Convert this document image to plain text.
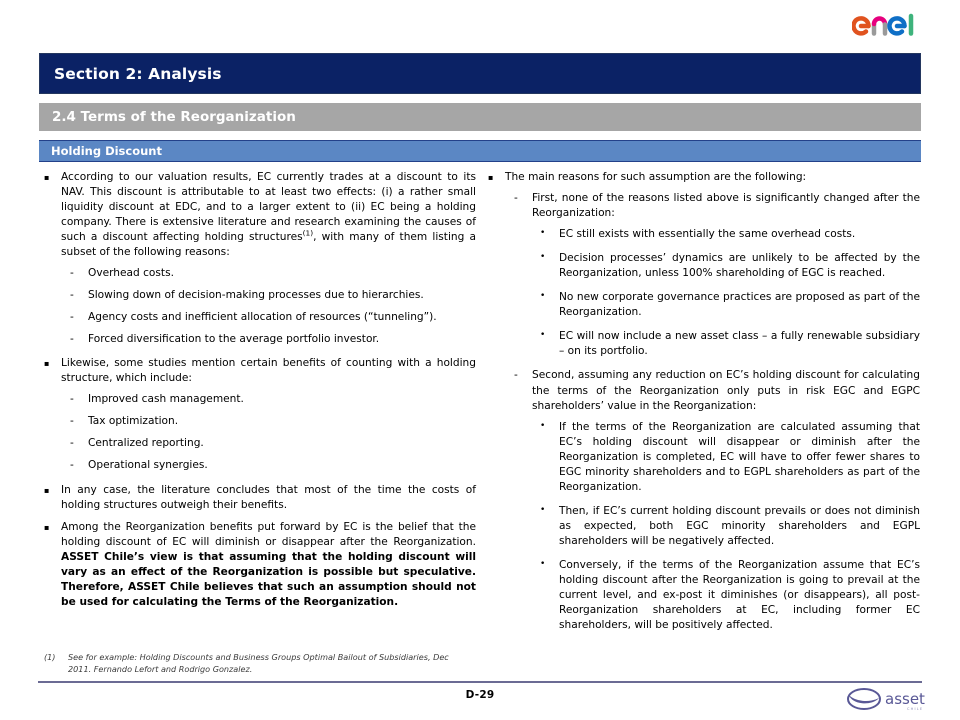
Section 2: Analysis
2.4 Terms of the Reorganization
Holding Discount
▪	According to our valuation results, EC currently trades at a discount to its NAV. This discount is attributable to at least two effects: (i) a rather small liquidity discount at EDC, and to a larger extent to (ii) EC being a holding company. There is extensive literature and research examining the causes of such a discount affecting holding structures$^{(1)}$, with many of them listing a subset of the following reasons:
-	Overhead costs.
-	Slowing down of decision-making processes due to hierarchies.
-	Agency costs and inefficient allocation of resources (“tunneling”).
-	Forced diversification to the average portfolio investor.
▪	Likewise, some studies mention certain benefits of counting with a holding structure, which include:
-	Improved cash management.
-	Tax optimization.
-	Centralized reporting.
-	Operational synergies.
▪	In any case, the literature concludes that most of the time the costs of holding structures outweigh their benefits.
▪	Among the Reorganization benefits put forward by EC is the belief that the holding discount of EC will diminish or disappear after the Reorganization. ASSET Chile’s view is that assuming that the holding discount will vary as an effect of the Reorganization is possible but speculative. Therefore, ASSET Chile believes that such an assumption should not be used for calculating the Terms of the Reorganization.
▪	The main reasons for such assumption are the following:
-	First, none of the reasons listed above is significantly changed after the Reorganization:
•	EC still exists with essentially the same overhead costs.
•	Decision processes’ dynamics are unlikely to be affected by the Reorganization, unless 100% shareholding of EGC is reached.
•	No new corporate governance practices are proposed as part of the Reorganization.
•	EC will now include a new asset class – a fully renewable subsidiary – on its portfolio.
-	Second, assuming any reduction on EC’s holding discount for calculating the terms of the Reorganization only puts in risk EGC and EGPC shareholders’ value in the Reorganization:
•	If the terms of the Reorganization are calculated assuming that EC’s holding discount will disappear or diminish after the Reorganization is completed, EC will have to offer fewer shares to EGC minority shareholders and to EGPL shareholders as part of the Reorganization.
•	Then, if EC’s current holding discount prevails or does not diminish as expected, both EGC minority shareholders and EGPL shareholders will be negatively affected.
•	Conversely, if the terms of the Reorganization assume that EC’s holding discount after the Reorganization is going to prevail at the current level, and ex-post it diminishes (or disappears), all post-Reorganization shareholders at EC, including former EC shareholders, will be positively affected.
(1)	See for example: Holding Discounts and Business Groups Optimal Bailout of Subsidiaries, Dec 2011. Fernando Lefort and Rodrigo Gonzalez.
D-29	asset
CHILE
